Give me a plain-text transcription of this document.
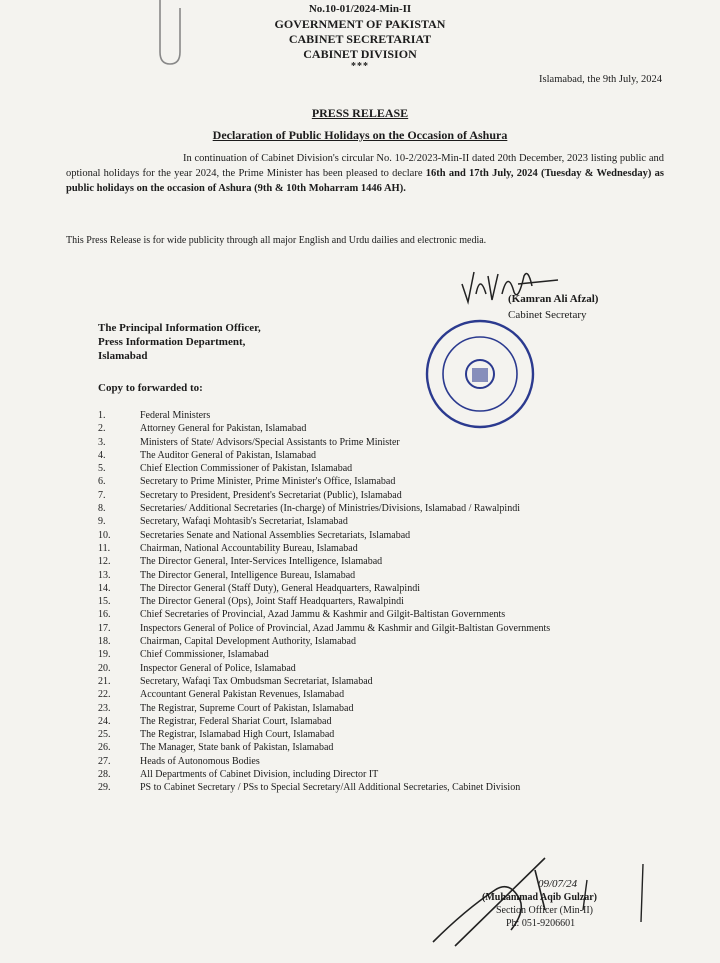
No.10-01/2024-Min-II
GOVERNMENT OF PAKISTAN
CABINET SECRETARIAT
CABINET DIVISION
***
Islamabad, the 9th July, 2024
PRESS RELEASE
Declaration of Public Holidays on the Occasion of Ashura
In continuation of Cabinet Division's circular No. 10-2/2023-Min-II dated 20th December, 2023 listing public and optional holidays for the year 2024, the Prime Minister has been pleased to declare 16th and 17th July, 2024 (Tuesday & Wednesday) as public holidays on the occasion of Ashura (9th & 10th Moharram 1446 AH).
This Press Release is for wide publicity through all major English and Urdu dailies and electronic media.
(Kamran Ali Afzal)
Cabinet Secretary
The Principal Information Officer,
Press Information Department,
Islamabad
Copy to forwarded to:
1.	Federal Ministers
2.	Attorney General for Pakistan, Islamabad
3.	Ministers of State/ Advisors/Special Assistants to Prime Minister
4.	The Auditor General of Pakistan, Islamabad
5.	Chief Election Commissioner of Pakistan, Islamabad
6.	Secretary to Prime Minister, Prime Minister's Office, Islamabad
7.	Secretary to President, President's Secretariat (Public), Islamabad
8.	Secretaries/ Additional Secretaries (In-charge) of Ministries/Divisions, Islamabad / Rawalpindi
9.	Secretary, Wafaqi Mohtasib's Secretariat, Islamabad
10.	Secretaries Senate and National Assemblies Secretariats, Islamabad
11.	Chairman, National Accountability Bureau, Islamabad
12.	The Director General, Inter-Services Intelligence, Islamabad
13.	The Director General, Intelligence Bureau, Islamabad
14.	The Director General (Staff Duty), General Headquarters, Rawalpindi
15.	The Director General (Ops), Joint Staff Headquarters, Rawalpindi
16.	Chief Secretaries of Provincial, Azad Jammu & Kashmir and Gilgit-Baltistan Governments
17.	Inspectors General of Police of Provincial, Azad Jammu & Kashmir and Gilgit-Baltistan Governments
18.	Chairman, Capital Development Authority, Islamabad
19.	Chief Commissioner, Islamabad
20.	Inspector General of Police, Islamabad
21.	Secretary, Wafaqi Tax Ombudsman Secretariat, Islamabad
22.	Accountant General Pakistan Revenues, Islamabad
23.	The Registrar, Supreme Court of Pakistan, Islamabad
24.	The Registrar, Federal Shariat Court, Islamabad
25.	The Registrar, Islamabad High Court, Islamabad
26.	The Manager, State bank of Pakistan, Islamabad
27.	Heads of Autonomous Bodies
28.	All Departments of Cabinet Division, including Director IT
29.	PS to Cabinet Secretary / PSs to Special Secretary/All Additional Secretaries, Cabinet Division
09/07/24
(Muhammad Aqib Gulzar)
Section Officer (Min-II)
Ph: 051-9206601
